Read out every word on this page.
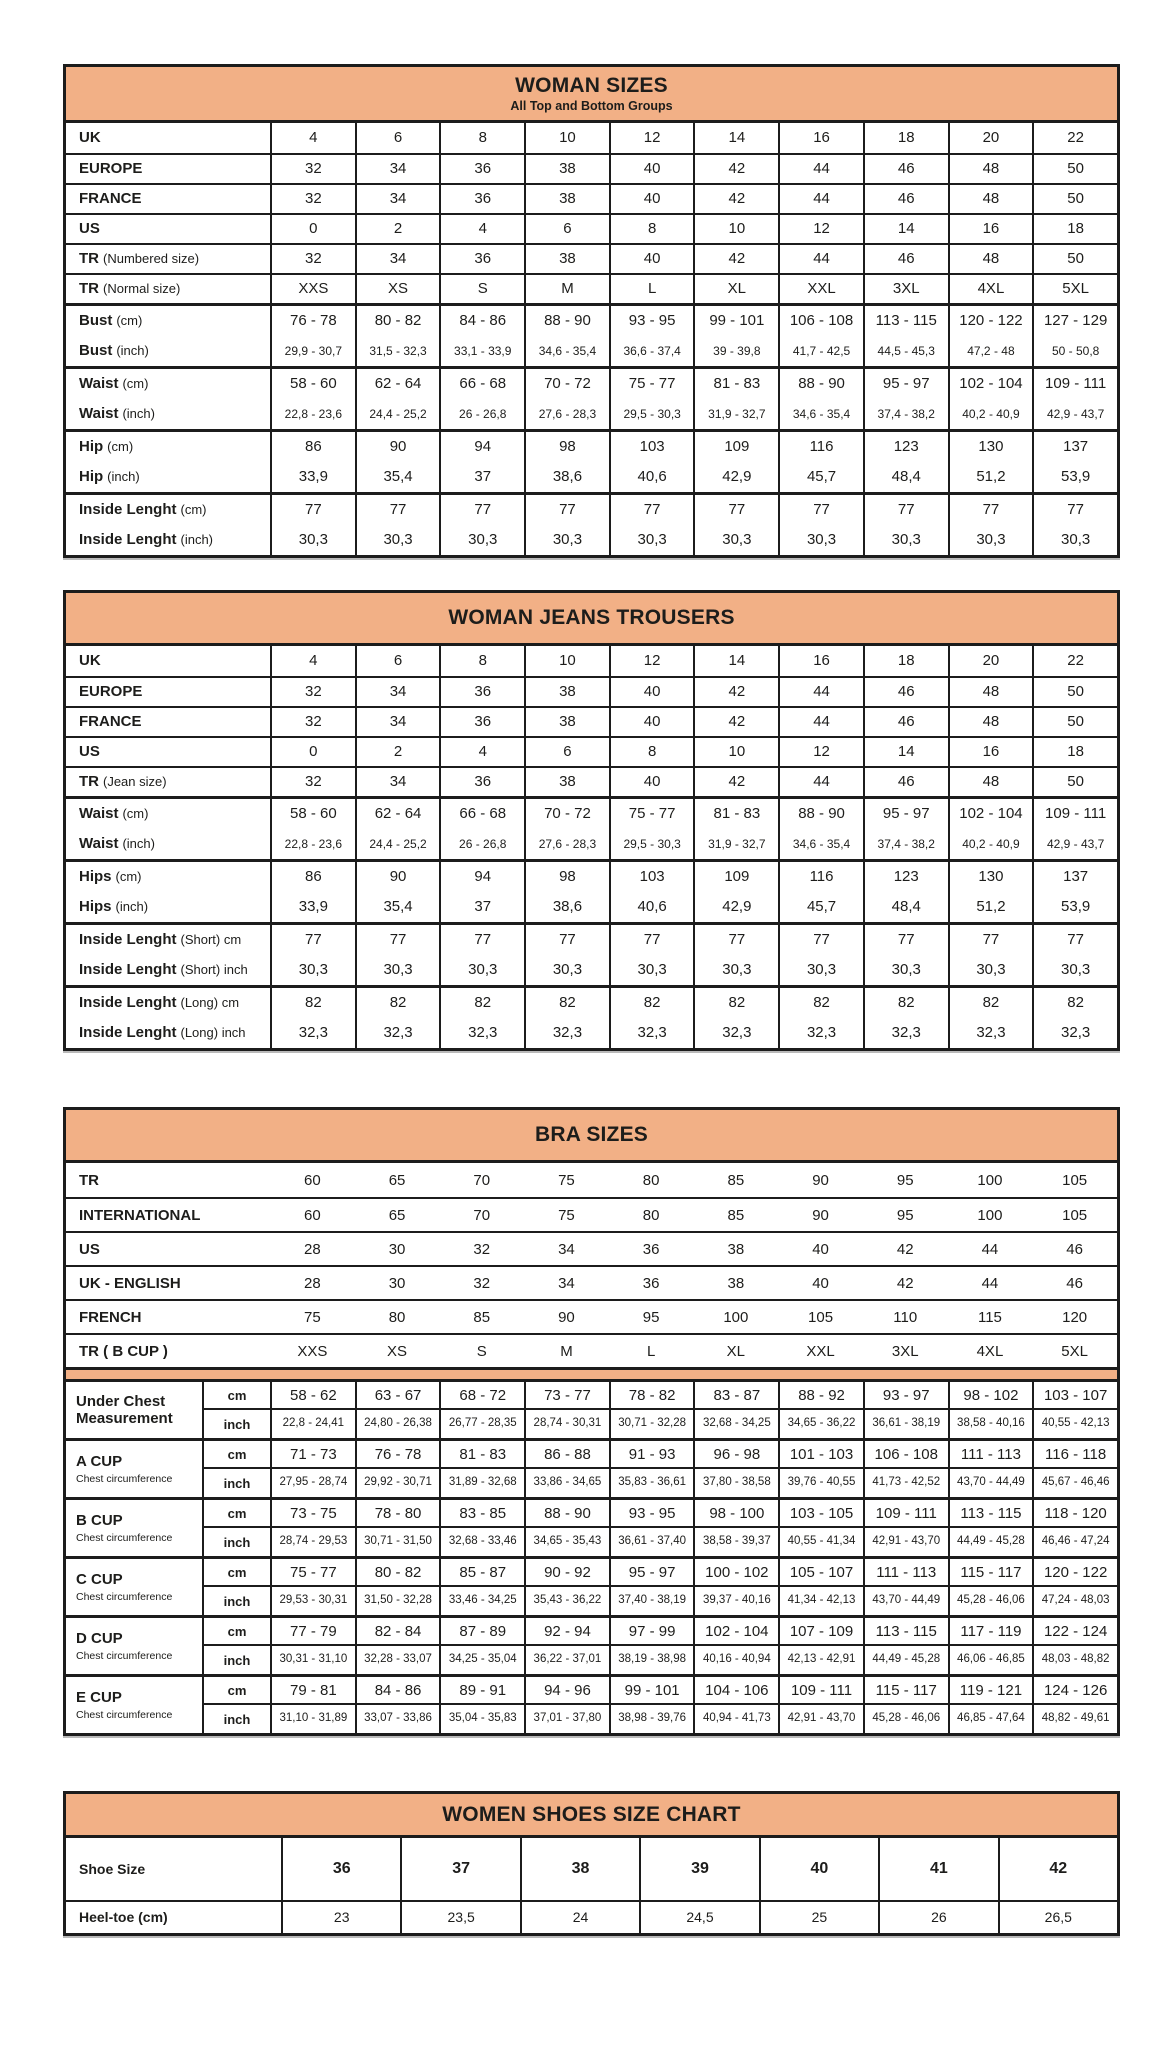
WOMAN SIZES
All Top and Bottom Groups
UK	4	6	8	10	12	14	16	18	20	22
EUROPE	32	34	36	38	40	42	44	46	48	50
FRANCE	32	34	36	38	40	42	44	46	48	50
US	0	2	4	6	8	10	12	14	16	18
TR (Numbered size)	32	34	36	38	40	42	44	46	48	50
TR (Normal size)	XXS	XS	S	M	L	XL	XXL	3XL	4XL	5XL
Bust (cm)	76 - 78	80 - 82	84 - 86	88 - 90	93 - 95	99 - 101	106 - 108	113 - 115	120 - 122	127 - 129
Bust (inch)	29,9 - 30,7	31,5 - 32,3	33,1 - 33,9	34,6 - 35,4	36,6 - 37,4	39 - 39,8	41,7 - 42,5	44,5 - 45,3	47,2 - 48	50 - 50,8
Waist (cm)	58 - 60	62 - 64	66 - 68	70 - 72	75 - 77	81 - 83	88 - 90	95 - 97	102 - 104	109 - 111
Waist (inch)	22,8 - 23,6	24,4 - 25,2	26 - 26,8	27,6 - 28,3	29,5 - 30,3	31,9 - 32,7	34,6 - 35,4	37,4 - 38,2	40,2 - 40,9	42,9 - 43,7
Hip (cm)	86	90	94	98	103	109	116	123	130	137
Hip (inch)	33,9	35,4	37	38,6	40,6	42,9	45,7	48,4	51,2	53,9
Inside Lenght (cm)	77	77	77	77	77	77	77	77	77	77
Inside Lenght (inch)	30,3	30,3	30,3	30,3	30,3	30,3	30,3	30,3	30,3	30,3
WOMAN JEANS TROUSERS
UK	4	6	8	10	12	14	16	18	20	22
EUROPE	32	34	36	38	40	42	44	46	48	50
FRANCE	32	34	36	38	40	42	44	46	48	50
US	0	2	4	6	8	10	12	14	16	18
TR (Jean size)	32	34	36	38	40	42	44	46	48	50
Waist (cm)	58 - 60	62 - 64	66 - 68	70 - 72	75 - 77	81 - 83	88 - 90	95 - 97	102 - 104	109 - 111
Waist (inch)	22,8 - 23,6	24,4 - 25,2	26 - 26,8	27,6 - 28,3	29,5 - 30,3	31,9 - 32,7	34,6 - 35,4	37,4 - 38,2	40,2 - 40,9	42,9 - 43,7
Hips (cm)	86	90	94	98	103	109	116	123	130	137
Hips (inch)	33,9	35,4	37	38,6	40,6	42,9	45,7	48,4	51,2	53,9
Inside Lenght (Short) cm	77	77	77	77	77	77	77	77	77	77
Inside Lenght (Short) inch	30,3	30,3	30,3	30,3	30,3	30,3	30,3	30,3	30,3	30,3
Inside Lenght (Long) cm	82	82	82	82	82	82	82	82	82	82
Inside Lenght (Long) inch	32,3	32,3	32,3	32,3	32,3	32,3	32,3	32,3	32,3	32,3
BRA SIZES
TR	60	65	70	75	80	85	90	95	100	105
INTERNATIONAL	60	65	70	75	80	85	90	95	100	105
US	28	30	32	34	36	38	40	42	44	46
UK - ENGLISH	28	30	32	34	36	38	40	42	44	46
FRENCH	75	80	85	90	95	100	105	110	115	120
TR ( B CUP )	XXS	XS	S	M	L	XL	XXL	3XL	4XL	5XL
Under Chest Measurement
cm	58 - 62	63 - 67	68 - 72	73 - 77	78 - 82	83 - 87	88 - 92	93 - 97	98 - 102	103 - 107
inch	22,8 - 24,41	24,80 - 26,38	26,77 - 28,35	28,74 - 30,31	30,71 - 32,28	32,68 - 34,25	34,65 - 36,22	36,61 - 38,19	38,58 - 40,16	40,55 - 42,13
A CUP
Chest circumference
cm	71 - 73	76 - 78	81 - 83	86 - 88	91 - 93	96 - 98	101 - 103	106 - 108	111 - 113	116 - 118
inch	27,95 - 28,74	29,92 - 30,71	31,89 - 32,68	33,86 - 34,65	35,83 - 36,61	37,80 - 38,58	39,76 - 40,55	41,73 - 42,52	43,70 - 44,49	45,67 - 46,46
B CUP
Chest circumference
cm	73 - 75	78 - 80	83 - 85	88 - 90	93 - 95	98 - 100	103 - 105	109 - 111	113 - 115	118 - 120
inch	28,74 - 29,53	30,71 - 31,50	32,68 - 33,46	34,65 - 35,43	36,61 - 37,40	38,58 - 39,37	40,55 - 41,34	42,91 - 43,70	44,49 - 45,28	46,46 - 47,24
C CUP
Chest circumference
cm	75 - 77	80 - 82	85 - 87	90 - 92	95 - 97	100 - 102	105 - 107	111 - 113	115 - 117	120 - 122
inch	29,53 - 30,31	31,50 - 32,28	33,46 - 34,25	35,43 - 36,22	37,40 - 38,19	39,37 - 40,16	41,34 - 42,13	43,70 - 44,49	45,28 - 46,06	47,24 - 48,03
D CUP
Chest circumference
cm	77 - 79	82 - 84	87 - 89	92 - 94	97 - 99	102 - 104	107 - 109	113 - 115	117 - 119	122 - 124
inch	30,31 - 31,10	32,28 - 33,07	34,25 - 35,04	36,22 - 37,01	38,19 - 38,98	40,16 - 40,94	42,13 - 42,91	44,49 - 45,28	46,06 - 46,85	48,03 - 48,82
E CUP
Chest circumference
cm	79 - 81	84 - 86	89 - 91	94 - 96	99 - 101	104 - 106	109 - 111	115 - 117	119 - 121	124 - 126
inch	31,10 - 31,89	33,07 - 33,86	35,04 - 35,83	37,01 - 37,80	38,98 - 39,76	40,94 - 41,73	42,91 - 43,70	45,28 - 46,06	46,85 - 47,64	48,82 - 49,61
WOMEN SHOES SIZE CHART
Shoe Size	36	37	38	39	40	41	42
Heel-toe (cm)	23	23,5	24	24,5	25	26	26,5
